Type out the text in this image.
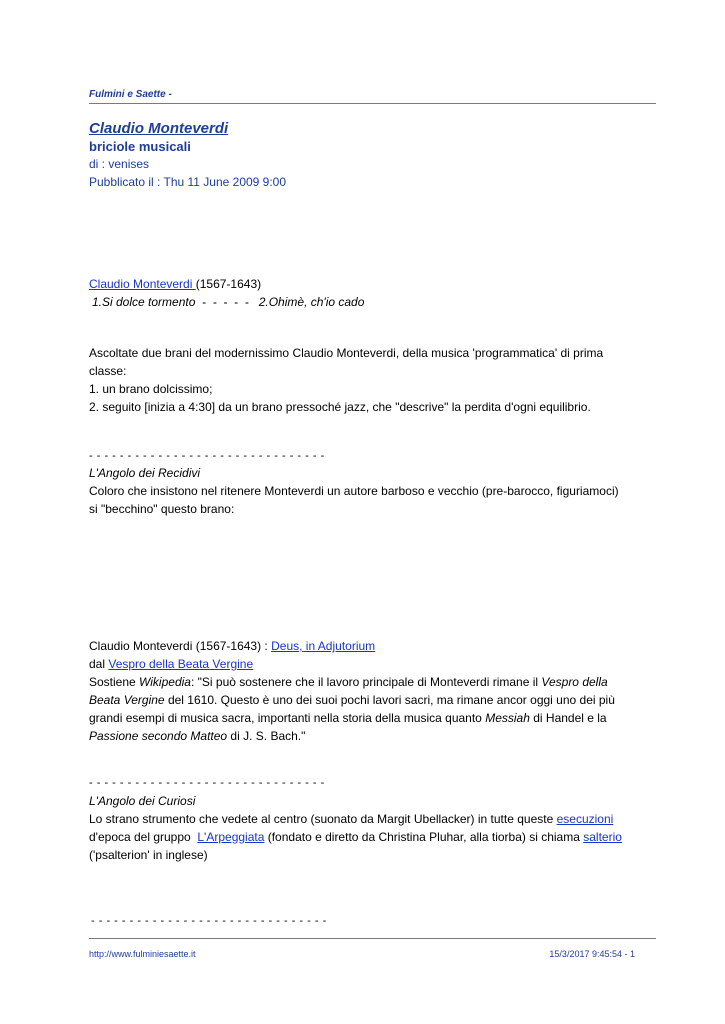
Fulmini e Saette -
Claudio Monteverdi
briciole musicali
di : venises
Pubblicato il : Thu 11 June 2009 9:00

Claudio Monteverdi (1567-1643)

1.Si dolce tormento  -  -  -  -  -   2.Ohimè, ch'io cado

Ascoltate due brani del modernissimo Claudio Monteverdi, della musica 'programmatica' di prima

classe:

1. un brano dolcissimo;

2. seguito [inizia a 4:30] da un brano pressoché jazz, che "descrive" la perdita d'ogni equilibrio.

- - - - - - - - - - - - - - - - - - - - - - - - - - - - - - -

L'Angolo dei Recidivi

Coloro che insistono nel ritenere Monteverdi un autore barboso e vecchio (pre-barocco, figuriamoci)

si "becchino" questo brano:

Claudio Monteverdi (1567-1643) : Deus, in Adjutorium

dal Vespro della Beata Vergine

Sostiene Wikipedia: "Si può sostenere che il lavoro principale di Monteverdi rimane il Vespro della

Beata Vergine del 1610. Questo è uno dei suoi pochi lavori sacri, ma rimane ancor oggi uno dei più

grandi esempi di musica sacra, importanti nella storia della musica quanto Messiah di Handel e la

Passione secondo Matteo di J. S. Bach."

- - - - - - - - - - - - - - - - - - - - - - - - - - - - - - -

L'Angolo dei Curiosi

Lo strano strumento che vedete al centro (suonato da Margit Ubellacker) in tutte queste esecuzioni

d'epoca del gruppo  L'Arpeggiata (fondato e diretto da Christina Pluhar, alla tiorba) si chiama salterio

('psalterion' in inglese)

- - - - - - - - - - - - - - - - - - - - - - - - - - - - - - -
http://www.fulminiesaette.it	15/3/2017 9:45:54 - 1
